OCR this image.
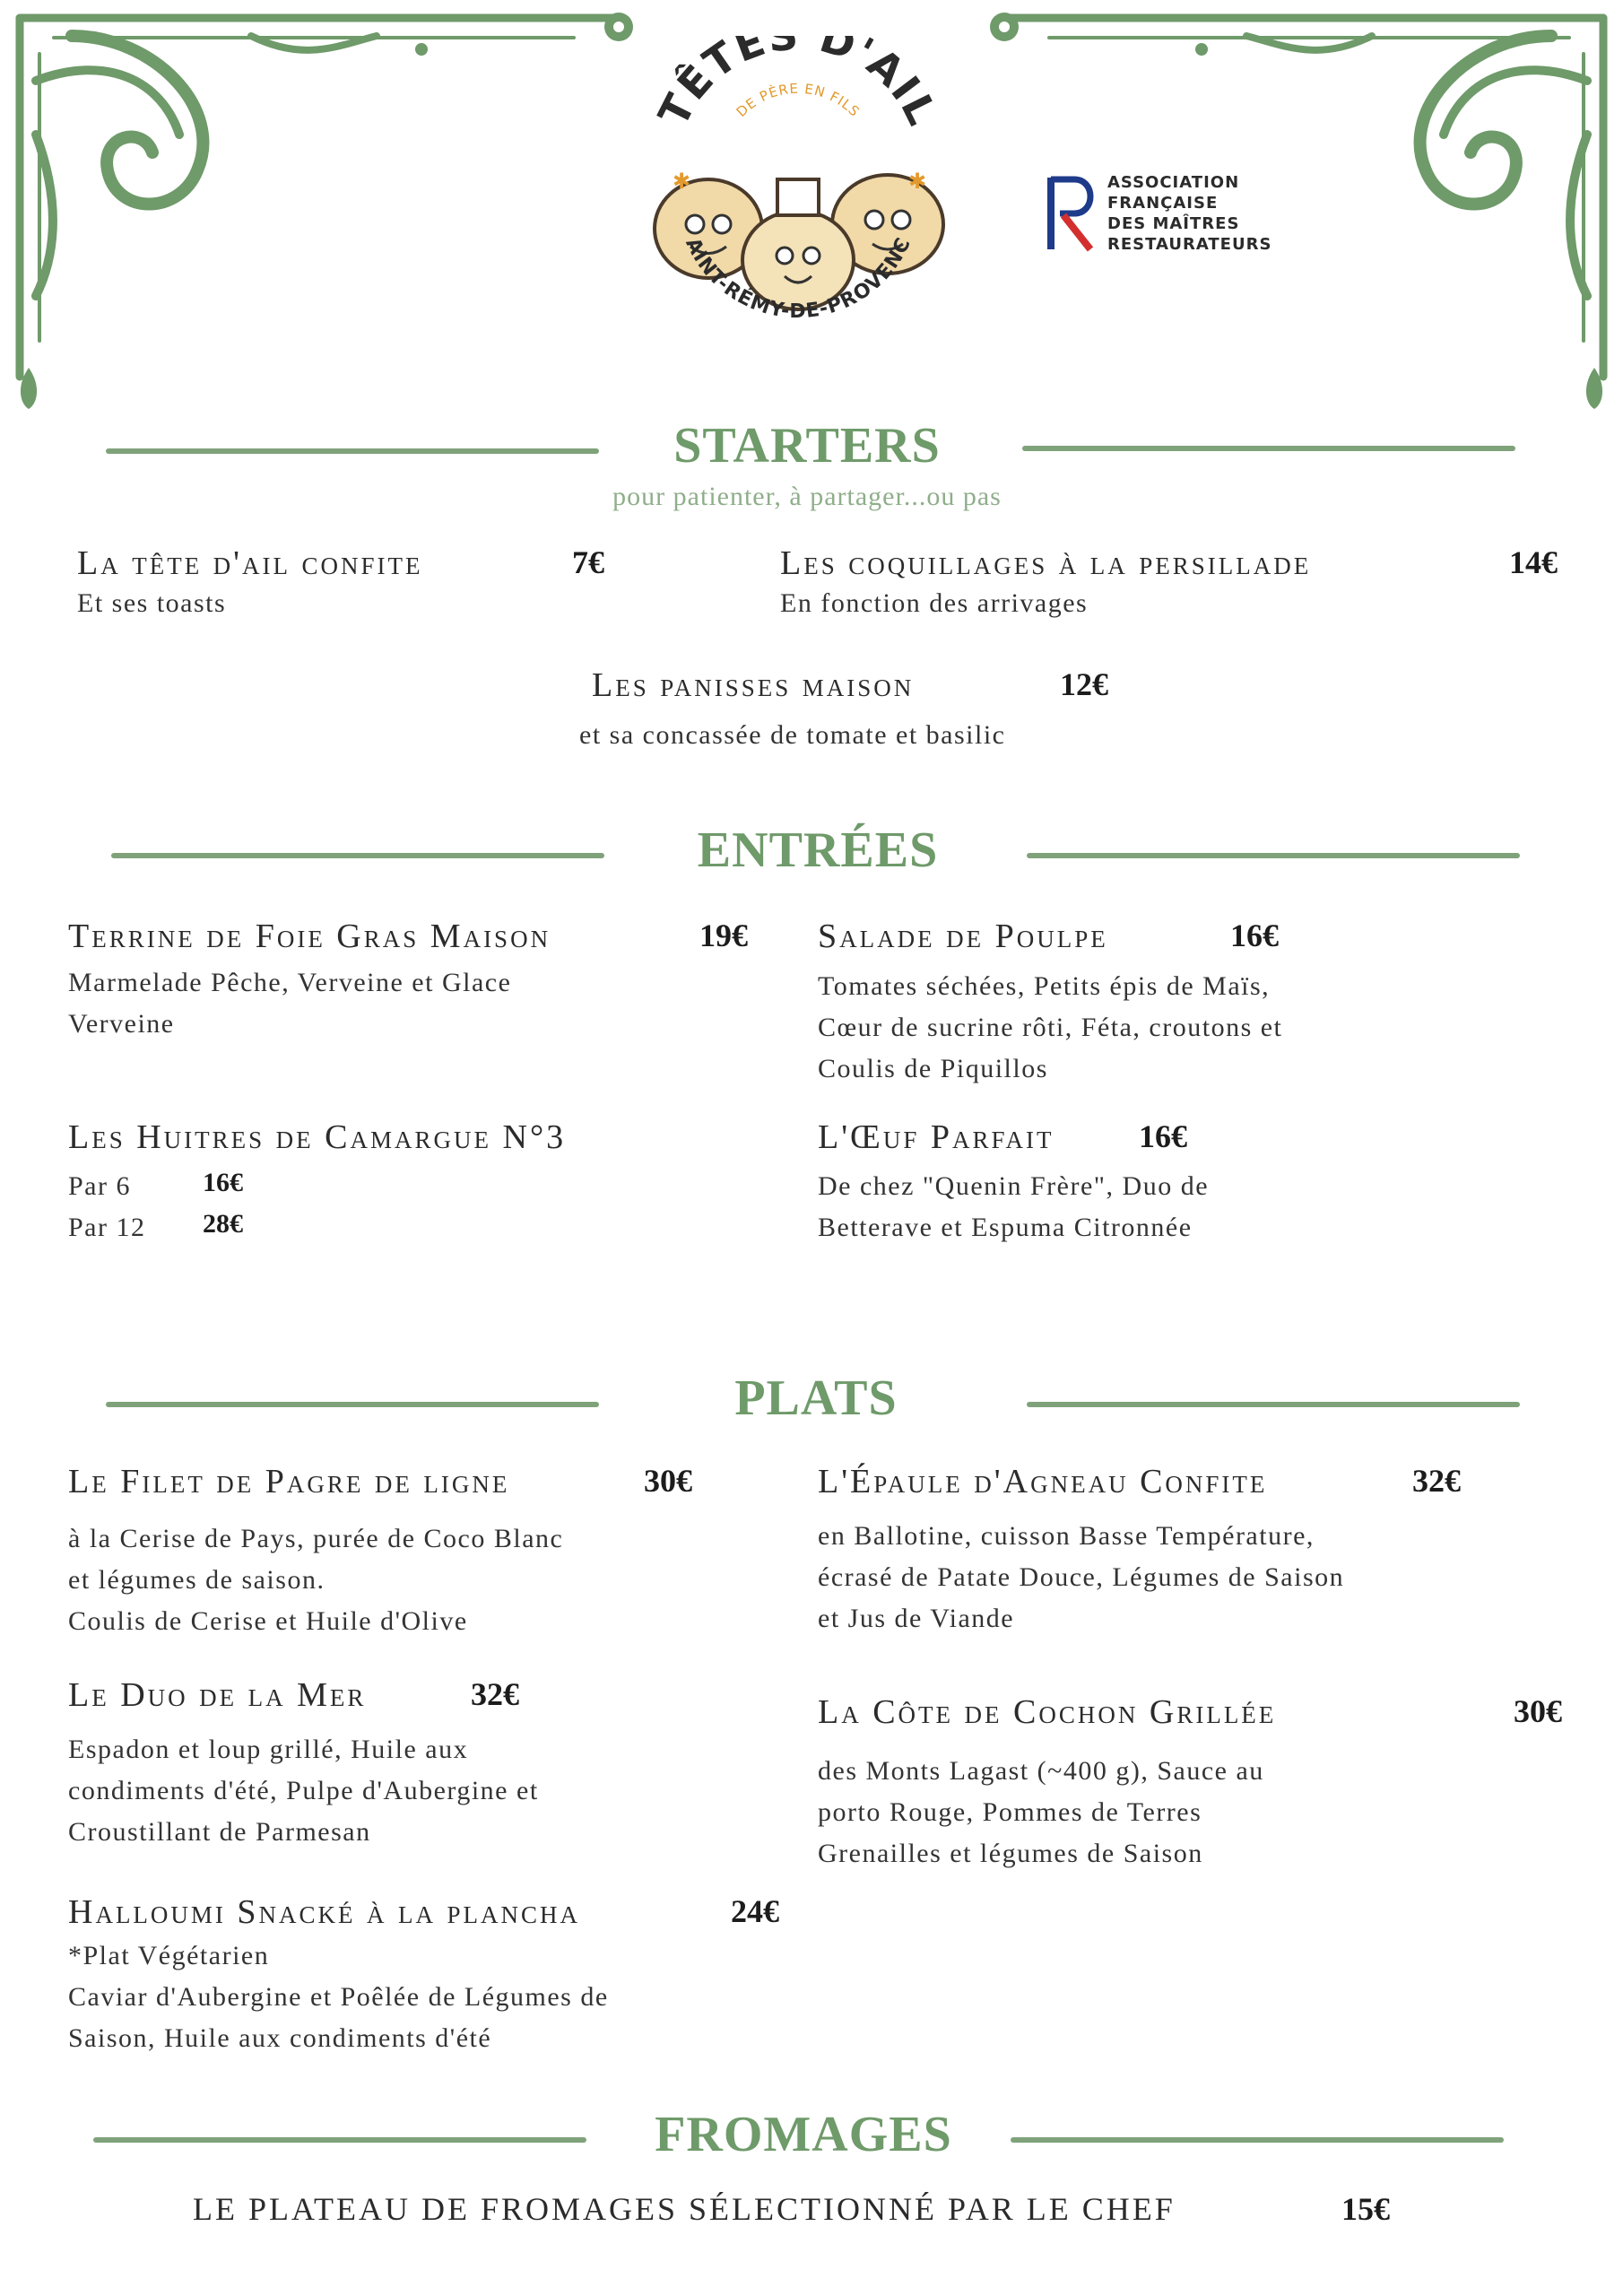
TÊTE D'AIL
DE PÈRE EN FILS
AINT-RÉMY-DE-PROVENC
✱	✱	ASSOCIATION
FRANÇAISE
DES MAÎTRES
RESTAURATEURS
STARTERS
pour patienter, à partager...ou pas
La tête d'ail confite	7€
Et ses toasts
Les coquillages à la persillade	14€
En fonction des arrivages
Les panisses maison	12€
et sa concassée de tomate et basilic
ENTRÉES
Terrine de Foie Gras Maison	19€
Marmelade Pêche, Verveine et Glace
Verveine
Salade de Poulpe	16€
Tomates séchées, Petits épis de Maïs,
Cœur de sucrine rôti, Féta, croutons et
Coulis de Piquillos
Les Huitres de Camargue N°3
Par 6	16€
Par 12 28€
L'Œuf Parfait	16€
De chez "Quenin Frère", Duo de
Betterave et Espuma Citronnée
PLATS
Le Filet de Pagre de ligne	30€
à la Cerise de Pays, purée de Coco Blanc
et légumes de saison.
Coulis de Cerise et Huile d'Olive
L'Épaule d'Agneau Confite	32€
en Ballotine, cuisson Basse Température,
écrasé de Patate Douce, Légumes de Saison
et Jus de Viande
Le Duo de la Mer	32€
Espadon et loup grillé, Huile aux
condiments d'été, Pulpe d'Aubergine et
Croustillant de Parmesan
La Côte de Cochon Grillée	30€
des Monts Lagast (~400 g), Sauce au
porto Rouge, Pommes de Terres
Grenailles et légumes de Saison
Halloumi Snacké à la plancha	24€
*Plat Végétarien
Caviar d'Aubergine et Poêlée de Légumes de
Saison, Huile aux condiments d'été
FROMAGES
LE PLATEAU DE FROMAGES SÉLECTIONNÉ PAR LE CHEF	15€
